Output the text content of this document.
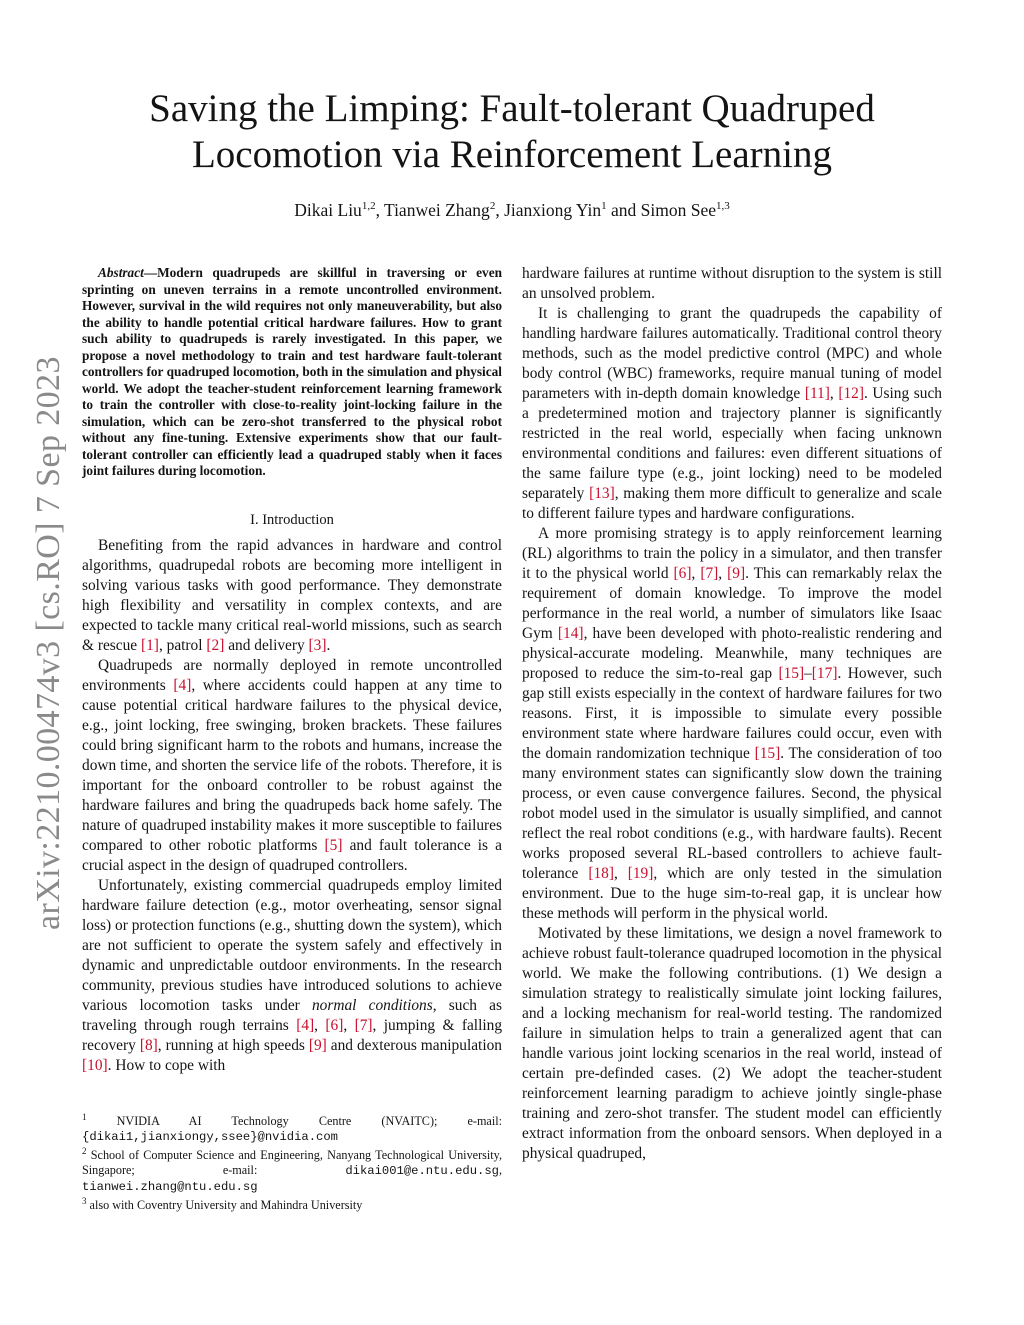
Saving the Limping: Fault-tolerant Quadruped
Locomotion via Reinforcement Learning
Dikai Liu$^{1,2}$, Tianwei Zhang$^2$, Jianxiong Yin$^1$ and Simon See$^{1,3}$
arXiv:2210.00474v3 [cs.RO] 7 Sep 2023
Abstract—Modern quadrupeds are skillful in traversing or even sprinting on uneven terrains in a remote uncontrolled environment. However, survival in the wild requires not only maneuverability, but also the ability to handle potential critical hardware failures. How to grant such ability to quadrupeds is rarely investigated. In this paper, we propose a novel methodology to train and test hardware fault-tolerant controllers for quadruped locomotion, both in the simulation and physical world. We adopt the teacher-student reinforcement learning framework to train the controller with close-to-reality joint-locking failure in the simulation, which can be zero-shot transferred to the physical robot without any fine-tuning. Extensive experiments show that our fault-tolerant controller can efficiently lead a quadruped stably when it faces joint failures during locomotion.
I. Introduction

Benefiting from the rapid advances in hardware and control algorithms, quadrupedal robots are becoming more intelligent in solving various tasks with good performance. They demonstrate high flexibility and versatility in complex contexts, and are expected to tackle many critical real-world missions, such as search & rescue [1], patrol [2] and delivery [3].

Quadrupeds are normally deployed in remote uncontrolled environments [4], where accidents could happen at any time to cause potential critical hardware failures to the physical device, e.g., joint locking, free swinging, broken brackets. These failures could bring significant harm to the robots and humans, increase the down time, and shorten the service life of the robots. Therefore, it is important for the onboard controller to be robust against the hardware failures and bring the quadrupeds back home safely. The nature of quadruped instability makes it more susceptible to failures compared to other robotic platforms [5] and fault tolerance is a crucial aspect in the design of quadruped controllers.

Unfortunately, existing commercial quadrupeds employ limited hardware failure detection (e.g., motor overheating, sensor signal loss) or protection functions (e.g., shutting down the system), which are not sufficient to operate the system safely and effectively in dynamic and unpredictable outdoor environments. In the research community, previous studies have introduced solutions to achieve various locomotion tasks under normal conditions, such as traveling through rough terrains [4], [6], [7], jumping & falling recovery [8], running at high speeds [9] and dexterous manipulation [10]. How to cope with

$^1$ NVIDIA AI Technology Centre (NVAITC); e-mail: {dikai1,jianxiongy,ssee}@nvidia.com

$^2$ School of Computer Science and Engineering, Nanyang Technological University, Singapore; e-mail: dikai001@e.ntu.edu.sg, tianwei.zhang@ntu.edu.sg

$^3$ also with Coventry University and Mahindra University

hardware failures at runtime without disruption to the system is still an unsolved problem.

It is challenging to grant the quadrupeds the capability of handling hardware failures automatically. Traditional control theory methods, such as the model predictive control (MPC) and whole body control (WBC) frameworks, require manual tuning of model parameters with in-depth domain knowledge [11], [12]. Using such a predetermined motion and trajectory planner is significantly restricted in the real world, especially when facing unknown environmental conditions and failures: even different situations of the same failure type (e.g., joint locking) need to be modeled separately [13], making them more difficult to generalize and scale to different failure types and hardware configurations.

A more promising strategy is to apply reinforcement learning (RL) algorithms to train the policy in a simulator, and then transfer it to the physical world [6], [7], [9]. This can remarkably relax the requirement of domain knowledge. To improve the model performance in the real world, a number of simulators like Isaac Gym [14], have been developed with photo-realistic rendering and physical-accurate modeling. Meanwhile, many techniques are proposed to reduce the sim-to-real gap [15]–[17]. However, such gap still exists especially in the context of hardware failures for two reasons. First, it is impossible to simulate every possible environment state where hardware failures could occur, even with the domain randomization technique [15]. The consideration of too many environment states can significantly slow down the training process, or even cause convergence failures. Second, the physical robot model used in the simulator is usually simplified, and cannot reflect the real robot conditions (e.g., with hardware faults). Recent works proposed several RL-based controllers to achieve fault-tolerance [18], [19], which are only tested in the simulation environment. Due to the huge sim-to-real gap, it is unclear how these methods will perform in the physical world.

Motivated by these limitations, we design a novel framework to achieve robust fault-tolerance quadruped locomotion in the physical world. We make the following contributions. (1) We design a simulation strategy to realistically simulate joint locking failures, and a locking mechanism for real-world testing. The randomized failure in simulation helps to train a generalized agent that can handle various joint locking scenarios in the real world, instead of certain pre-definded cases. (2) We adopt the teacher-student reinforcement learning paradigm to achieve jointly single-phase training and zero-shot transfer. The student model can efficiently extract information from the onboard sensors. When deployed in a physical quadruped,
